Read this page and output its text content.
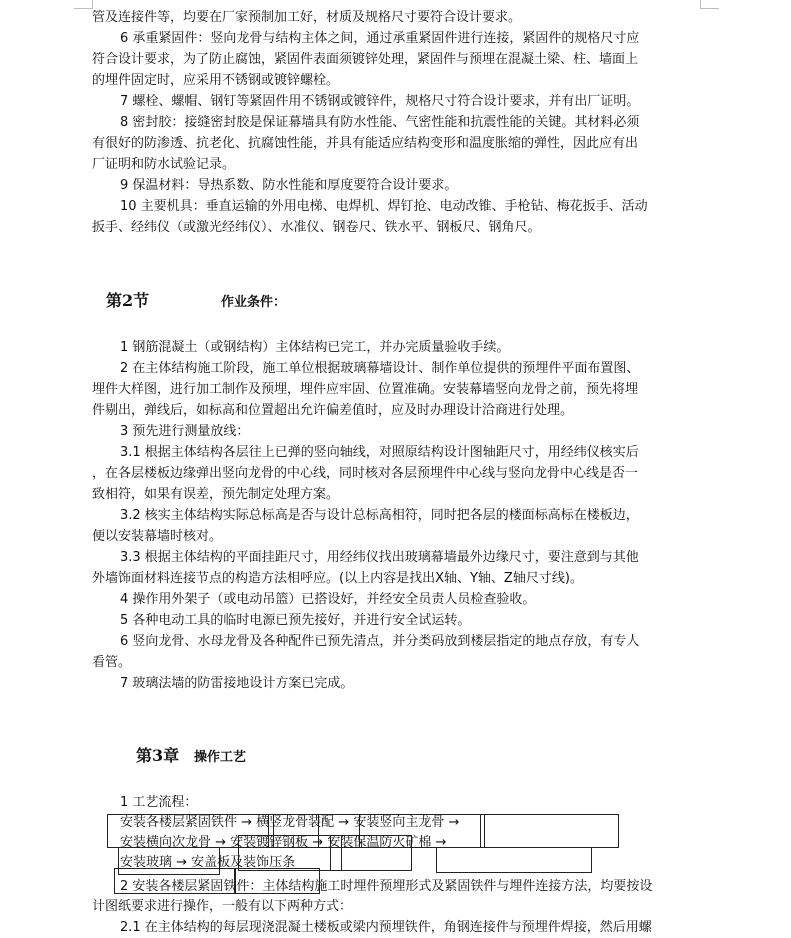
管及连接件等，均要在厂家预制加工好，材质及规格尺寸要符合设计要求。

6 承重紧固件：竖向龙骨与结构主体之间，通过承重紧固件进行连接，紧固件的规格尺寸应

符合设计要求，为了防止腐蚀，紧固件表面须镀锌处理，紧固件与预埋在混凝土梁、柱、墙面上

的埋件固定时，应采用不锈钢或镀锌螺栓。

7 螺栓、螺帽、钢钉等紧固件用不锈钢或镀锌件，规格尺寸符合设计要求，并有出厂证明。

8 密封胶：接缝密封胶是保证幕墙具有防水性能、气密性能和抗震性能的关键。其材料必须

有很好的防渗透、抗老化、抗腐蚀性能，并具有能适应结构变形和温度胀缩的弹性，因此应有出

厂证明和防水试验记录。

9 保温材料：导热系数、防水性能和厚度要符合设计要求。

10 主要机具：垂直运输的外用电梯、电焊机、焊钉抢、电动改锥、手枪钻、梅花扳手、活动

扳手、经纬仪（或激光经纬仪）、水准仪、钢卷尺、铁水平、钢板尺、钢角尺。

第2节	作业条件：

1 钢筋混凝土（或钢结构）主体结构已完工，并办完质量验收手续。

2 在主体结构施工阶段，施工单位根据玻璃幕墙设计、制作单位提供的预埋件平面布置图、

埋件大样图，进行加工制作及预埋，埋件应牢固、位置准确。安装幕墙竖向龙骨之前，预先将埋

件剔出，弹线后，如标高和位置超出允许偏差值时，应及时办理设计洽商进行处理。

3 预先进行测量放线：

3.1 根据主体结构各层往上已弹的竖向轴线，对照原结构设计图轴距尺寸，用经纬仪核实后

，在各层楼板边缘弹出竖向龙骨的中心线，同时核对各层预埋件中心线与竖向龙骨中心线是否一

致相符，如果有误差，预先制定处理方案。

3.2 核实主体结构实际总标高是否与设计总标高相符，同时把各层的楼面标高标在楼板边，

便以安装幕墙时核对。

3.3 根据主体结构的平面挂距尺寸，用经纬仪找出玻璃幕墙最外边缘尺寸，要注意到与其他

外墙饰面材料连接节点的构造方法相呼应。(以上内容是找出X轴、Y轴、Z轴尺寸线)。

4 操作用外架子（或电动吊篮）已搭设好，并经安全员责人员检查验收。

5 各种电动工具的临时电源已预先接好，并进行安全试运转。

6 竖向龙骨、水母龙骨及各种配件已预先清点，并分类码放到楼层指定的地点存放，有专人

看管。

7 玻璃法墙的防雷接地设计方案已完成。

第3章 操作工艺

1 工艺流程：

安装各楼层紧固铁件 → 横竖龙骨装配 → 安装竖向主龙骨 →

安装横向次龙骨 → 安装镀锌钢板 → 安装保温防火矿棉 →

安装玻璃 → 安盖板及装饰压条

2 安装各楼层紧固铁件：主体结构施工时埋件预埋形式及紧固铁件与埋件连接方法，均要按设

计图纸要求进行操作，一般有以下两种方式：

2.1 在主体结构的每层现浇混凝土楼板或梁内预埋铁件，角钢连接件与预埋件焊接，然后用螺
